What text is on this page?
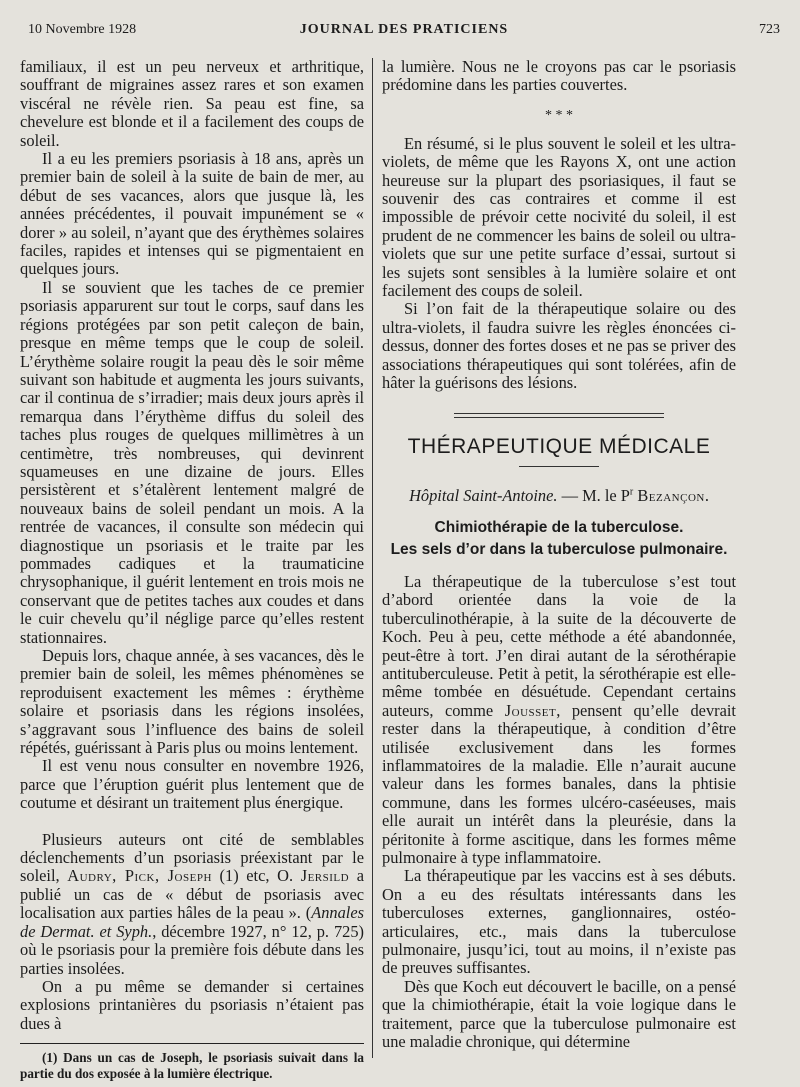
10 Novembre 1928	JOURNAL DES PRATICIENS	723

familiaux, il est un peu nerveux et arthritique, souffrant de migraines assez rares et son examen viscéral ne révèle rien. Sa peau est fine, sa chevelure est blonde et il a facilement des coups de soleil.

Il a eu les premiers psoriasis à 18 ans, après un premier bain de soleil à la suite de bain de mer, au début de ses vacances, alors que jusque là, les années précédentes, il pouvait impunément se « dorer » au soleil, n’ayant que des érythèmes solaires faciles, rapides et intenses qui se pigmentaient en quelques jours.

Il se souvient que les taches de ce premier psoriasis apparurent sur tout le corps, sauf dans les régions protégées par son petit caleçon de bain, presque en même temps que le coup de soleil. L’érythème solaire rougit la peau dès le soir même suivant son habitude et augmenta les jours suivants, car il continua de s’irradier; mais deux jours après il remarqua dans l’érythème diffus du soleil des taches plus rouges de quelques millimètres à un centimètre, très nombreuses, qui devinrent squameuses en une dizaine de jours. Elles persistèrent et s’étalèrent lentement malgré de nouveaux bains de soleil pendant un mois. A la rentrée de vacances, il consulte son médecin qui diagnostique un psoriasis et le traite par les pommades cadiques et la traumaticine chrysophanique, il guérit lentement en trois mois ne conservant que de petites taches aux coudes et dans le cuir chevelu qu’il néglige parce qu’elles restent stationnaires.

Depuis lors, chaque année, à ses vacances, dès le premier bain de soleil, les mêmes phénomènes se reproduisent exactement les mêmes : érythème solaire et psoriasis dans les régions insolées, s’aggravant sous l’influence des bains de soleil répétés, guérissant à Paris plus ou moins lentement.

Il est venu nous consulter en novembre 1926, parce que l’éruption guérit plus lentement que de coutume et désirant un traitement plus énergique.

Plusieurs auteurs ont cité de semblables déclenchements d’un psoriasis préexistant par le soleil, Audry, Pick, Joseph (1) etc, O. Jersild a publié un cas de « début de psoriasis avec localisation aux parties hâles de la peau ». (Annales de Dermat. et Syph., décembre 1927, n° 12, p. 725) où le psoriasis pour la première fois débute dans les parties insolées.

On a pu même se demander si certaines explosions printanières du psoriasis n’étaient pas dues à

(1) Dans un cas de Joseph, le psoriasis suivait dans la partie du dos exposée à la lumière électrique.

la lumière. Nous ne le croyons pas car le psoriasis prédomine dans les parties couvertes.

* * *

En résumé, si le plus souvent le soleil et les ultra-violets, de même que les Rayons X, ont une action heureuse sur la plupart des psoriasiques, il faut se souvenir des cas contraires et comme il est impossible de prévoir cette nocivité du soleil, il est prudent de ne commencer les bains de soleil ou ultra-violets que sur une petite surface d’essai, surtout si les sujets sont sensibles à la lumière solaire et ont facilement des coups de soleil.

Si l’on fait de la thérapeutique solaire ou des ultra-violets, il faudra suivre les règles énoncées ci-dessus, donner des fortes doses et ne pas se priver des associations thérapeutiques qui sont tolérées, afin de hâter la guérisons des lésions.

THÉRAPEUTIQUE MÉDICALE

Hôpital Saint-Antoine. — M. le $P^r$ Bezançon.

Chimiothérapie de la tuberculose.
Les sels d’or dans la tuberculose pulmonaire.

La thérapeutique de la tuberculose s’est tout d’abord orientée dans la voie de la tuberculinothérapie, à la suite de la découverte de Koch. Peu à peu, cette méthode a été abandonnée, peut-être à tort. J’en dirai autant de la sérothérapie antituberculeuse. Petit à petit, la sérothérapie est elle-même tombée en désuétude. Cependant certains auteurs, comme Jousset, pensent qu’elle devrait rester dans la thérapeutique, à condition d’être utilisée exclusivement dans les formes inflammatoires de la maladie. Elle n’aurait aucune valeur dans les formes banales, dans la phtisie commune, dans les formes ulcéro-caséeuses, mais elle aurait un intérêt dans la pleurésie, dans la péritonite à forme ascitique, dans les formes même pulmonaire à type inflammatoire.

La thérapeutique par les vaccins est à ses débuts. On a eu des résultats intéressants dans les tuberculoses externes, ganglionnaires, ostéo-articulaires, etc., mais dans la tuberculose pulmonaire, jusqu’ici, tout au moins, il n’existe pas de preuves suffisantes.

Dès que Koch eut découvert le bacille, on a pensé que la chimiothérapie, était la voie logique dans le traitement, parce que la tuberculose pulmonaire est une maladie chronique, qui détermine
